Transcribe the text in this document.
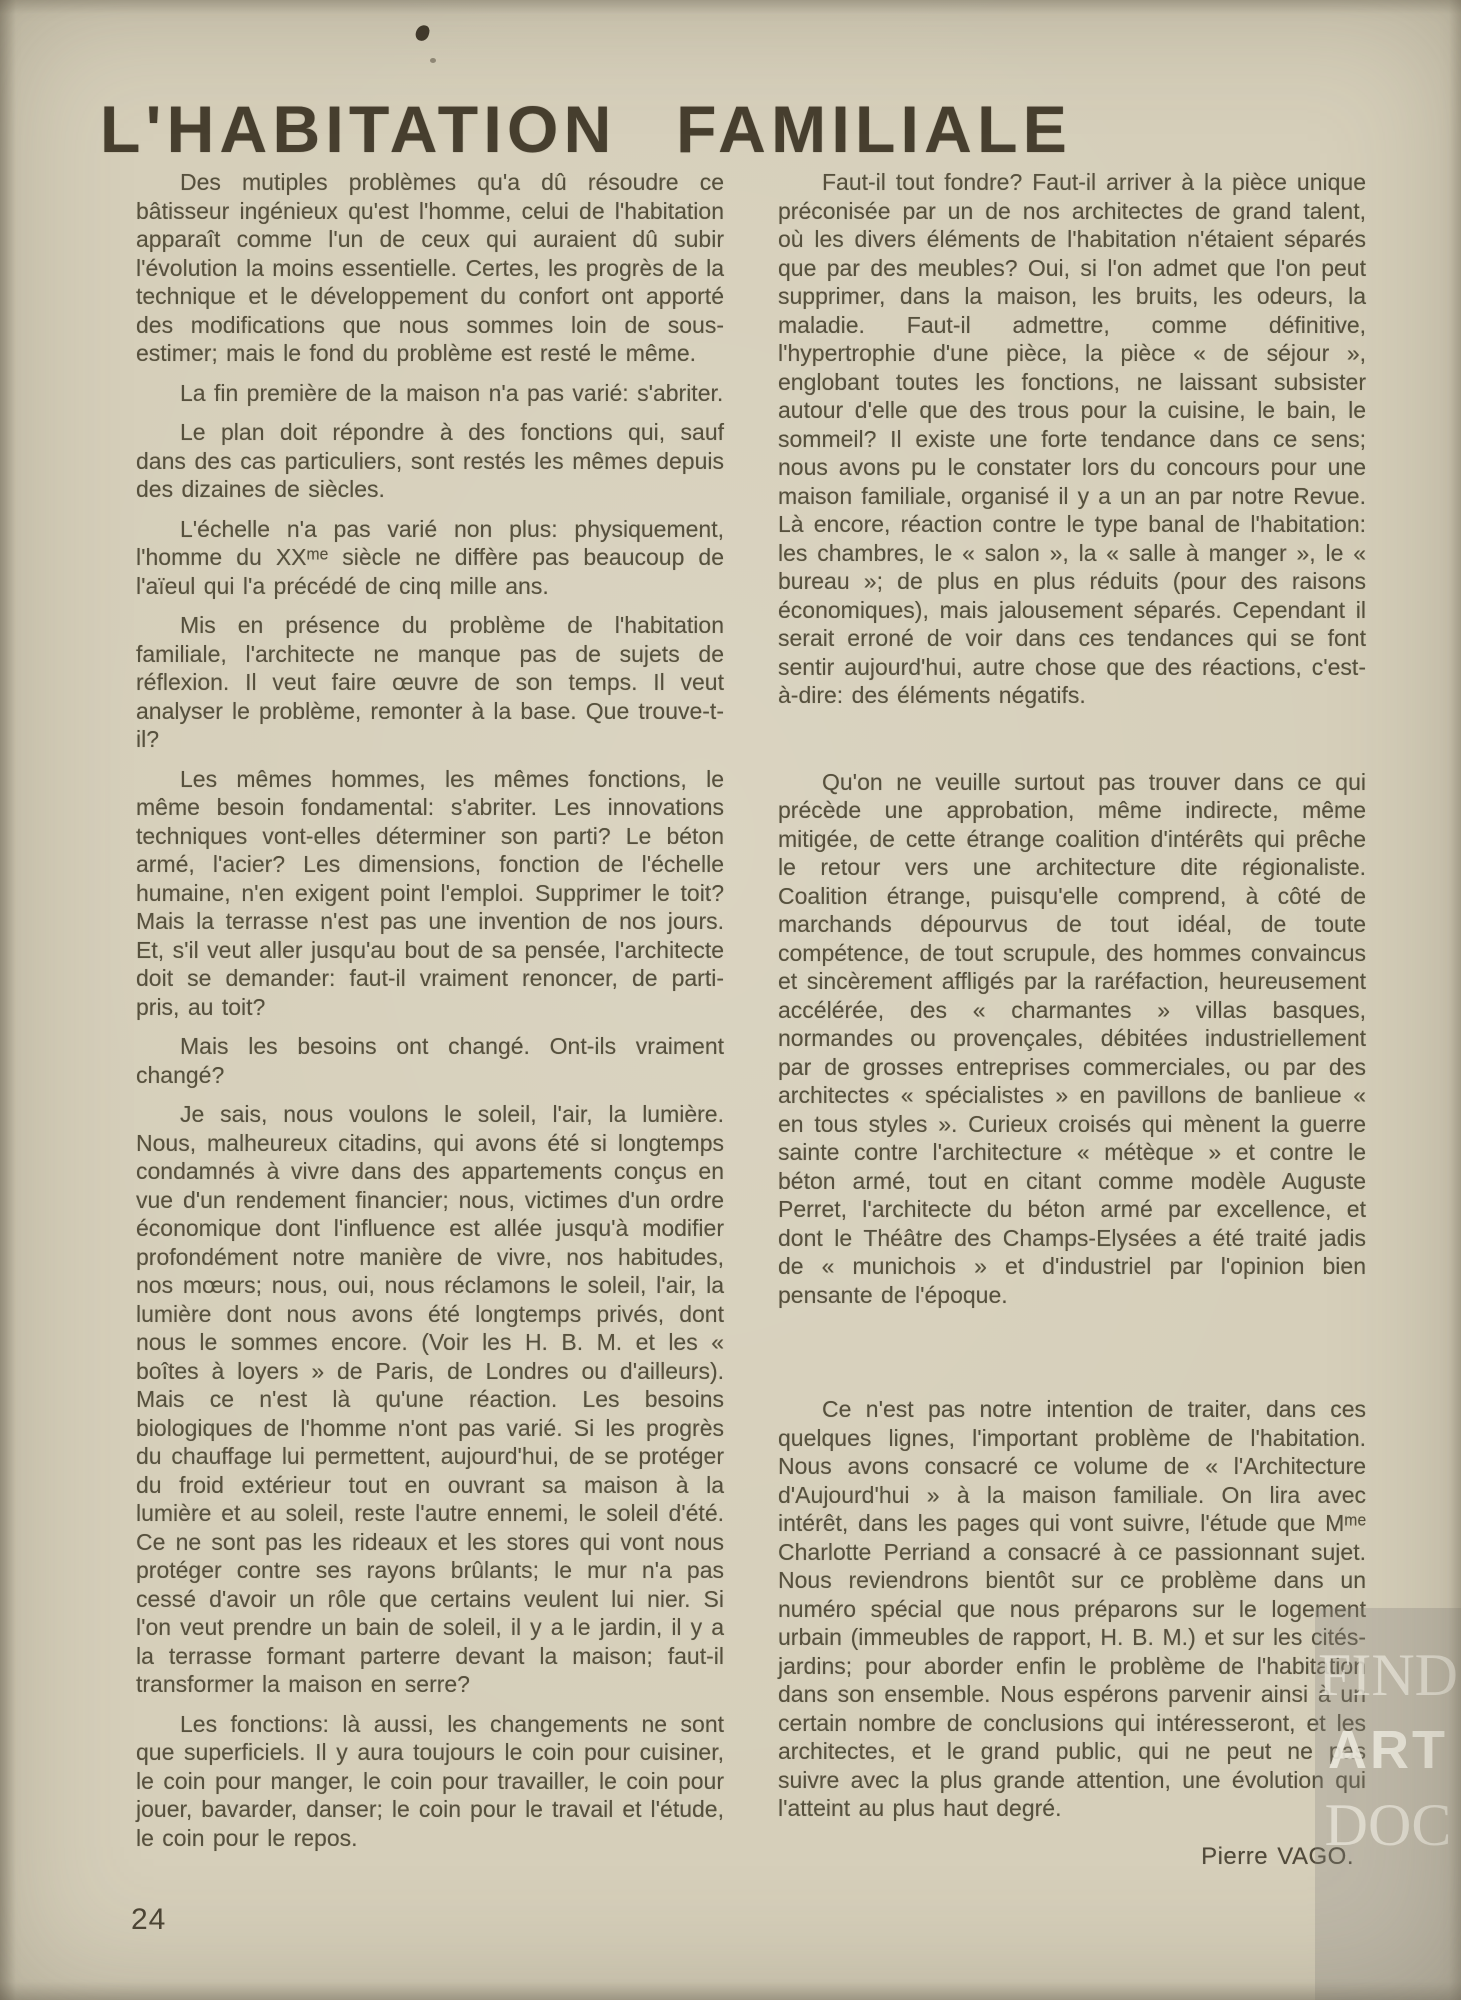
L'HABITATION FAMILIALE

Des mutiples problèmes qu'a dû résoudre ce bâtisseur ingénieux qu'est l'homme, celui de l'habitation apparaît comme l'un de ceux qui auraient dû subir l'évolution la moins essentielle. Certes, les progrès de la technique et le développement du confort ont apporté des modifications que nous sommes loin de sous-estimer; mais le fond du problème est resté le même.

La fin première de la maison n'a pas varié: s'abriter.

Le plan doit répondre à des fonctions qui, sauf dans des cas particuliers, sont restés les mêmes depuis des dizaines de siècles.

L'échelle n'a pas varié non plus: physiquement, l'homme du XXᵐᵉ siècle ne diffère pas beaucoup de l'aïeul qui l'a précédé de cinq mille ans.

Mis en présence du problème de l'habitation familiale, l'architecte ne manque pas de sujets de réflexion. Il veut faire œuvre de son temps. Il veut analyser le problème, remonter à la base. Que trouve-t-il?

Les mêmes hommes, les mêmes fonctions, le même besoin fondamental: s'abriter. Les innovations techniques vont-elles déterminer son parti? Le béton armé, l'acier? Les dimensions, fonction de l'échelle humaine, n'en exigent point l'emploi. Supprimer le toit? Mais la terrasse n'est pas une invention de nos jours. Et, s'il veut aller jusqu'au bout de sa pensée, l'architecte doit se demander: faut-il vraiment renoncer, de parti-pris, au toit?

Mais les besoins ont changé. Ont-ils vraiment changé?

Je sais, nous voulons le soleil, l'air, la lumière. Nous, malheureux citadins, qui avons été si longtemps condamnés à vivre dans des appartements conçus en vue d'un rendement financier; nous, victimes d'un ordre économique dont l'influence est allée jusqu'à modifier profondément notre manière de vivre, nos habitudes, nos mœurs; nous, oui, nous réclamons le soleil, l'air, la lumière dont nous avons été longtemps privés, dont nous le sommes encore. (Voir les H. B. M. et les « boîtes à loyers » de Paris, de Londres ou d'ailleurs). Mais ce n'est là qu'une réaction. Les besoins biologiques de l'homme n'ont pas varié. Si les progrès du chauffage lui permettent, aujourd'hui, de se protéger du froid extérieur tout en ouvrant sa maison à la lumière et au soleil, reste l'autre ennemi, le soleil d'été. Ce ne sont pas les rideaux et les stores qui vont nous protéger contre ses rayons brûlants; le mur n'a pas cessé d'avoir un rôle que certains veulent lui nier. Si l'on veut prendre un bain de soleil, il y a le jardin, il y a la terrasse formant parterre devant la maison; faut-il transformer la maison en serre?

Les fonctions: là aussi, les changements ne sont que superficiels. Il y aura toujours le coin pour cuisiner, le coin pour manger, le coin pour travailler, le coin pour jouer, bavarder, danser; le coin pour le travail et l'étude, le coin pour le repos.

Faut-il tout fondre? Faut-il arriver à la pièce unique préconisée par un de nos architectes de grand talent, où les divers éléments de l'habitation n'étaient séparés que par des meubles? Oui, si l'on admet que l'on peut supprimer, dans la maison, les bruits, les odeurs, la maladie. Faut-il admettre, comme définitive, l'hypertrophie d'une pièce, la pièce « de séjour », englobant toutes les fonctions, ne laissant subsister autour d'elle que des trous pour la cuisine, le bain, le sommeil? Il existe une forte tendance dans ce sens; nous avons pu le constater lors du concours pour une maison familiale, organisé il y a un an par notre Revue. Là encore, réaction contre le type banal de l'habitation: les chambres, le « salon », la « salle à manger », le « bureau »; de plus en plus réduits (pour des raisons économiques), mais jalousement séparés. Cependant il serait erroné de voir dans ces tendances qui se font sentir aujourd'hui, autre chose que des réactions, c'est-à-dire: des éléments négatifs.

Qu'on ne veuille surtout pas trouver dans ce qui précède une approbation, même indirecte, même mitigée, de cette étrange coalition d'intérêts qui prêche le retour vers une architecture dite régionaliste. Coalition étrange, puisqu'elle comprend, à côté de marchands dépourvus de tout idéal, de toute compétence, de tout scrupule, des hommes convaincus et sincèrement affligés par la raréfaction, heureusement accélérée, des « charmantes » villas basques, normandes ou provençales, débitées industriellement par de grosses entreprises commerciales, ou par des architectes « spécialistes » en pavillons de banlieue « en tous styles ». Curieux croisés qui mènent la guerre sainte contre l'architecture « métèque » et contre le béton armé, tout en citant comme modèle Auguste Perret, l'architecte du béton armé par excellence, et dont le Théâtre des Champs-Elysées a été traité jadis de « munichois » et d'industriel par l'opinion bien pensante de l'époque.

Ce n'est pas notre intention de traiter, dans ces quelques lignes, l'important problème de l'habitation. Nous avons consacré ce volume de « l'Architecture d'Aujourd'hui » à la maison familiale. On lira avec intérêt, dans les pages qui vont suivre, l'étude que Mᵐᵉ Charlotte Perriand a consacré à ce passionnant sujet. Nous reviendrons bientôt sur ce problème dans un numéro spécial que nous préparons sur le logement urbain (immeubles de rapport, H. B. M.) et sur les cités-jardins; pour aborder enfin le problème de l'habitation dans son ensemble. Nous espérons parvenir ainsi à un certain nombre de conclusions qui intéresseront, et les architectes, et le grand public, qui ne peut ne pas suivre avec la plus grande attention, une évolution qui l'atteint au plus haut degré.

Pierre VAGO.
24
FIND
ART
DOC
